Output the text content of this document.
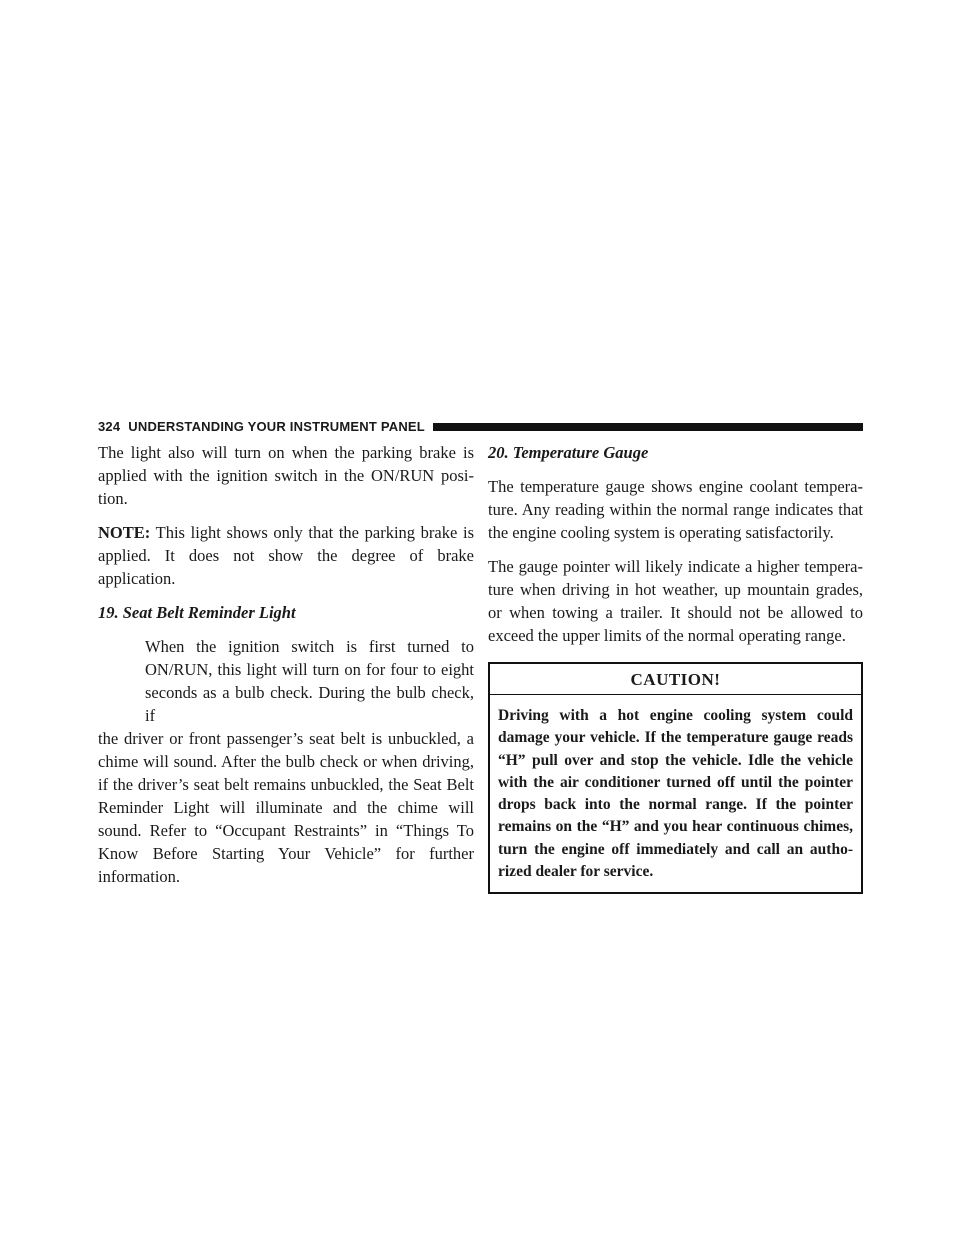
324 UNDERSTANDING YOUR INSTRUMENT PANEL

The light also will turn on when the parking brake is applied with the ignition switch in the ON/RUN posi-tion.

NOTE: This light shows only that the parking brake is applied. It does not show the degree of brake application.

19. Seat Belt Reminder Light
When the ignition switch is first turned to ON/RUN, this light will turn on for four to eight seconds as a bulb check. During the bulb check, if
the driver or front passenger’s seat belt is unbuckled, a chime will sound. After the bulb check or when driving, if the driver’s seat belt remains unbuckled, the Seat Belt Reminder Light will illuminate and the chime will sound. Refer to “Occupant Restraints” in “Things To Know Before Starting Your Vehicle” for further information.
20. Temperature Gauge

The temperature gauge shows engine coolant tempera-ture. Any reading within the normal range indicates that the engine cooling system is operating satisfactorily.

The gauge pointer will likely indicate a higher tempera-ture when driving in hot weather, up mountain grades, or when towing a trailer. It should not be allowed to exceed the upper limits of the normal operating range.

CAUTION!
Driving with a hot engine cooling system could damage your vehicle. If the temperature gauge reads “H” pull over and stop the vehicle. Idle the vehicle with the air conditioner turned off until the pointer drops back into the normal range. If the pointer remains on the “H” and you hear continuous chimes, turn the engine off immediately and call an autho-rized dealer for service.
